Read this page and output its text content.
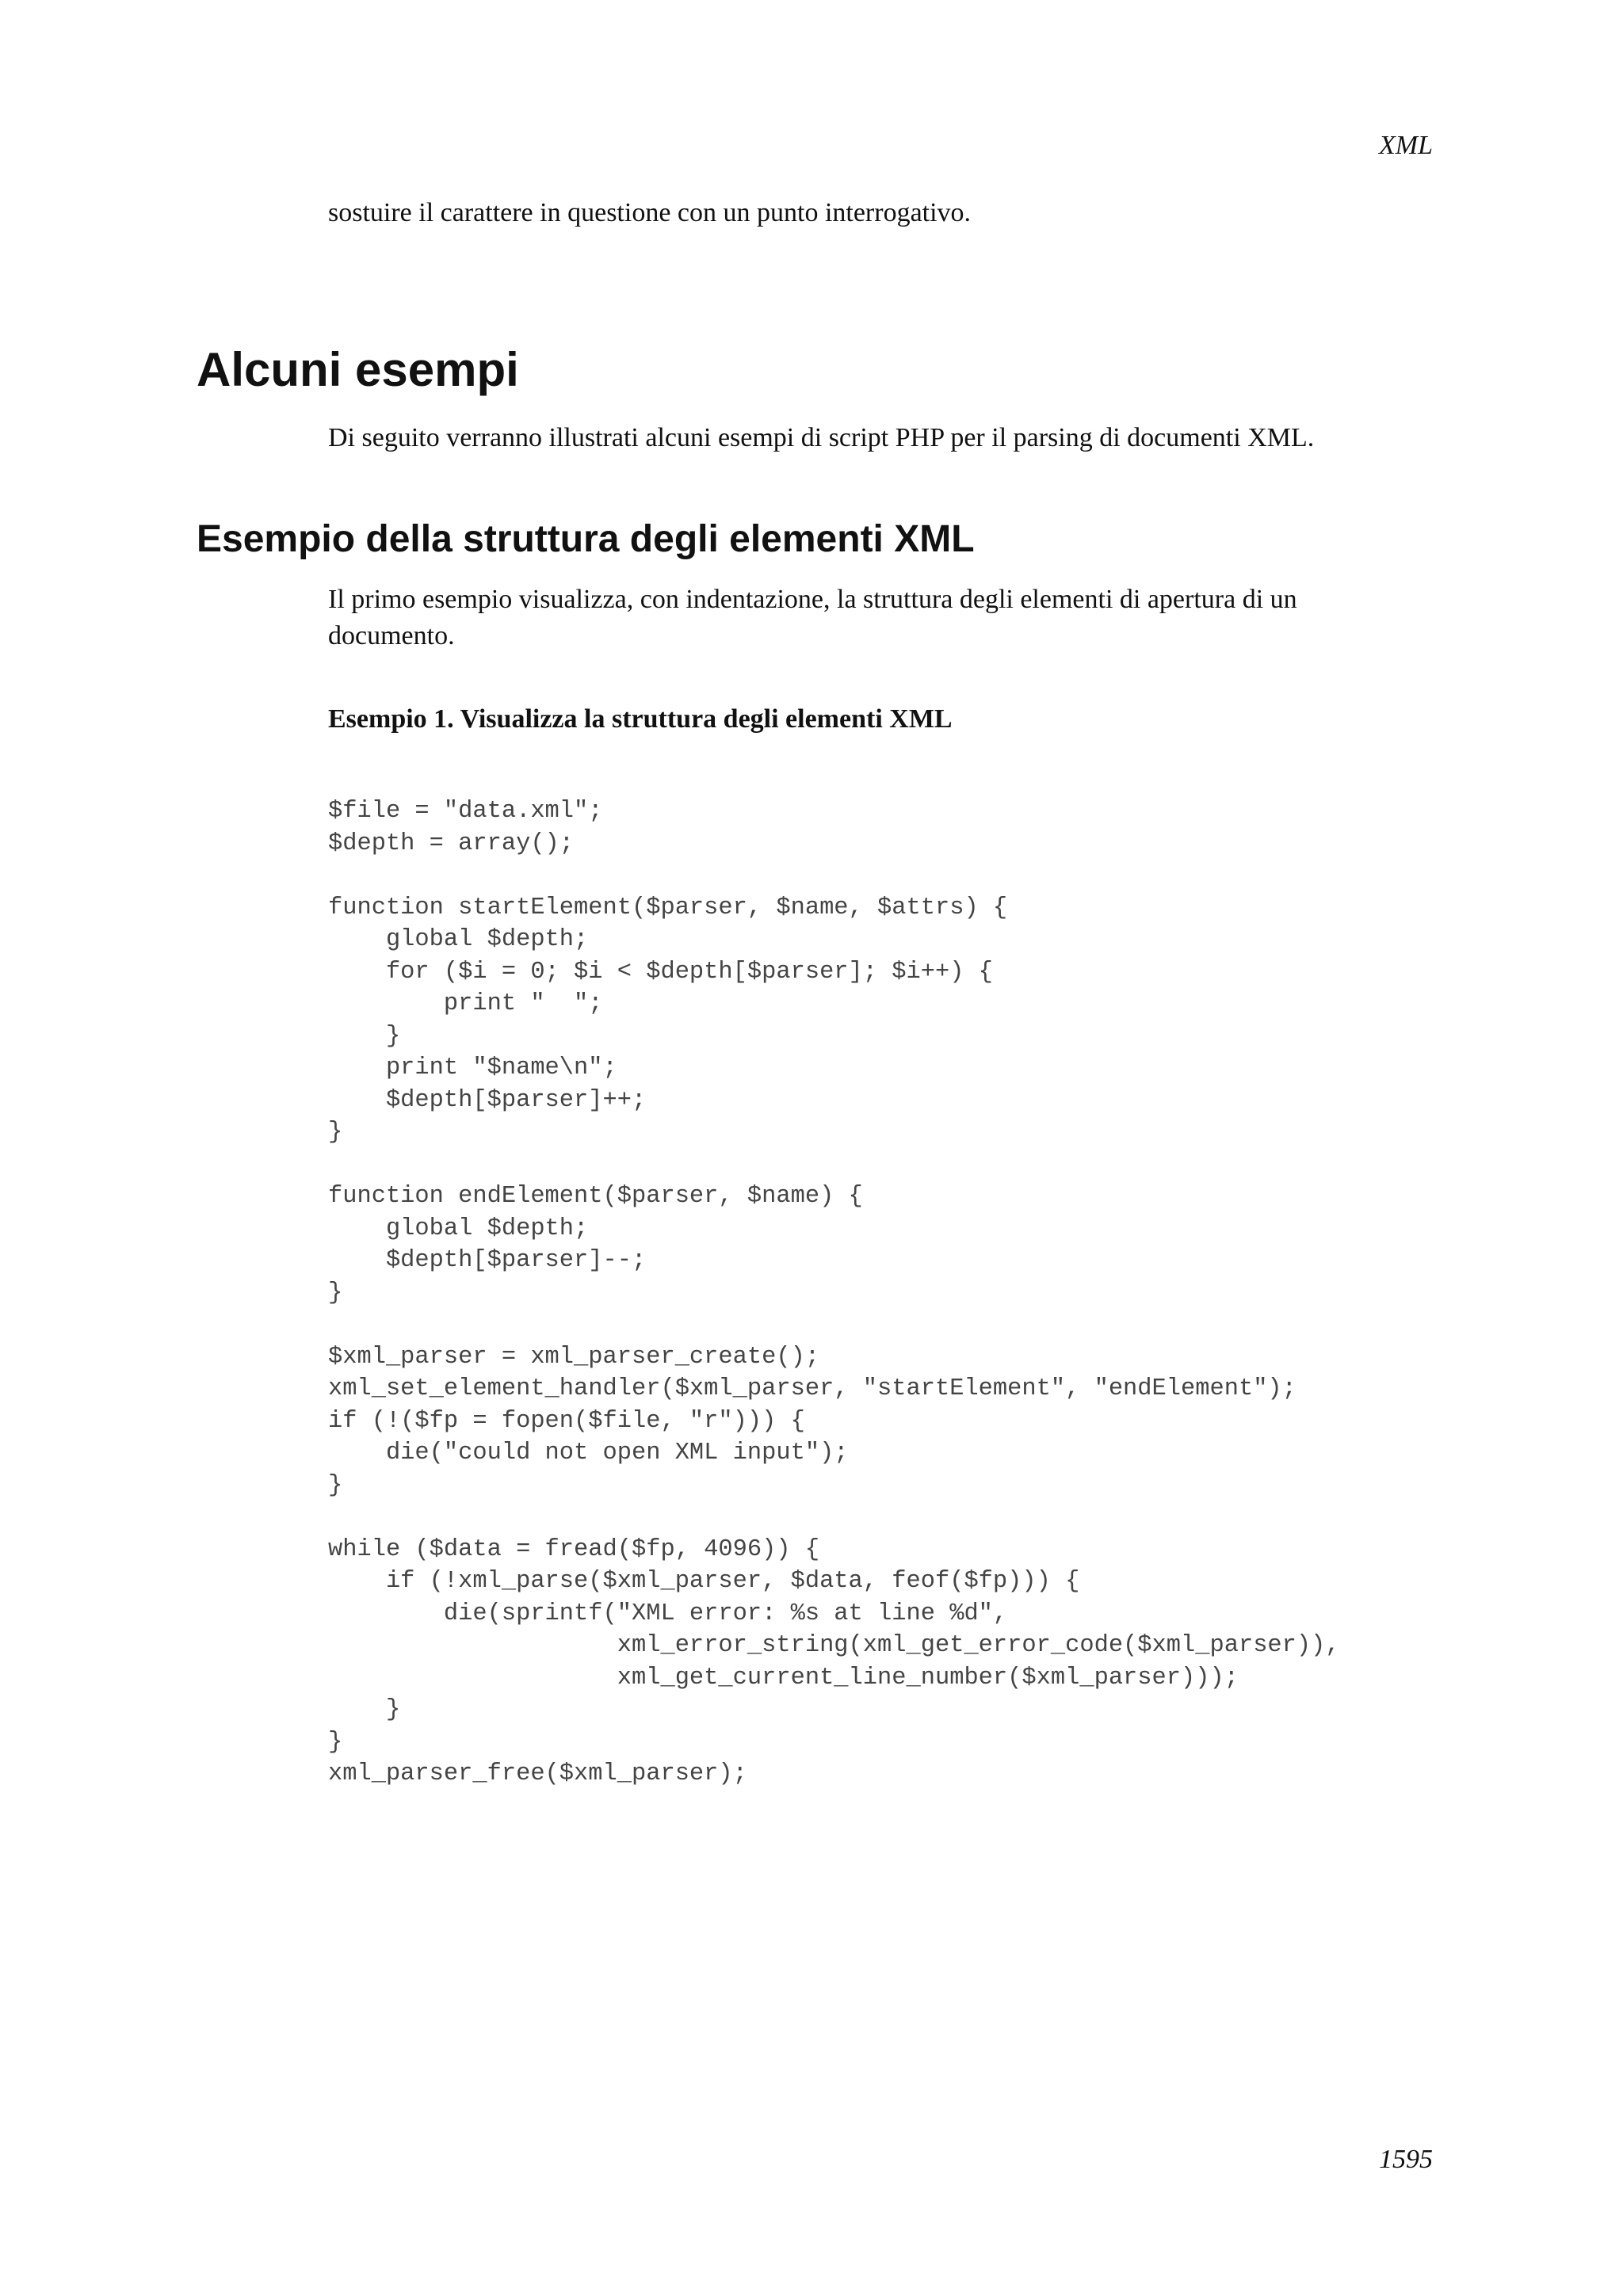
XML

sostuire il carattere in questione con un punto interrogativo.

Alcuni esempi

Di seguito verranno illustrati alcuni esempi di script PHP per il parsing di documenti XML.

Esempio della struttura degli elementi XML

Il primo esempio visualizza, con indentazione, la struttura degli elementi di apertura di un documento.

Esempio 1. Visualizza la struttura degli elementi XML

$file = "data.xml";
$depth = array();
function startElement($parser, $name, $attrs) {
global $depth;
for ($i = 0; $i < $depth[$parser]; $i++) {
print "  ";
}
print "$name\n";
$depth[$parser]++;
}
function endElement($parser, $name) {
global $depth;
$depth[$parser]--;
}
$xml_parser = xml_parser_create();
xml_set_element_handler($xml_parser, "startElement", "endElement");
if (!($fp = fopen($file, "r"))) {
die("could not open XML input");
}
while ($data = fread($fp, 4096)) {
if (!xml_parse($xml_parser, $data, feof($fp))) {
die(sprintf("XML error: %s at line %d",
xml_error_string(xml_get_error_code($xml_parser)),
xml_get_current_line_number($xml_parser)));
}
}
xml_parser_free($xml_parser);
1595
